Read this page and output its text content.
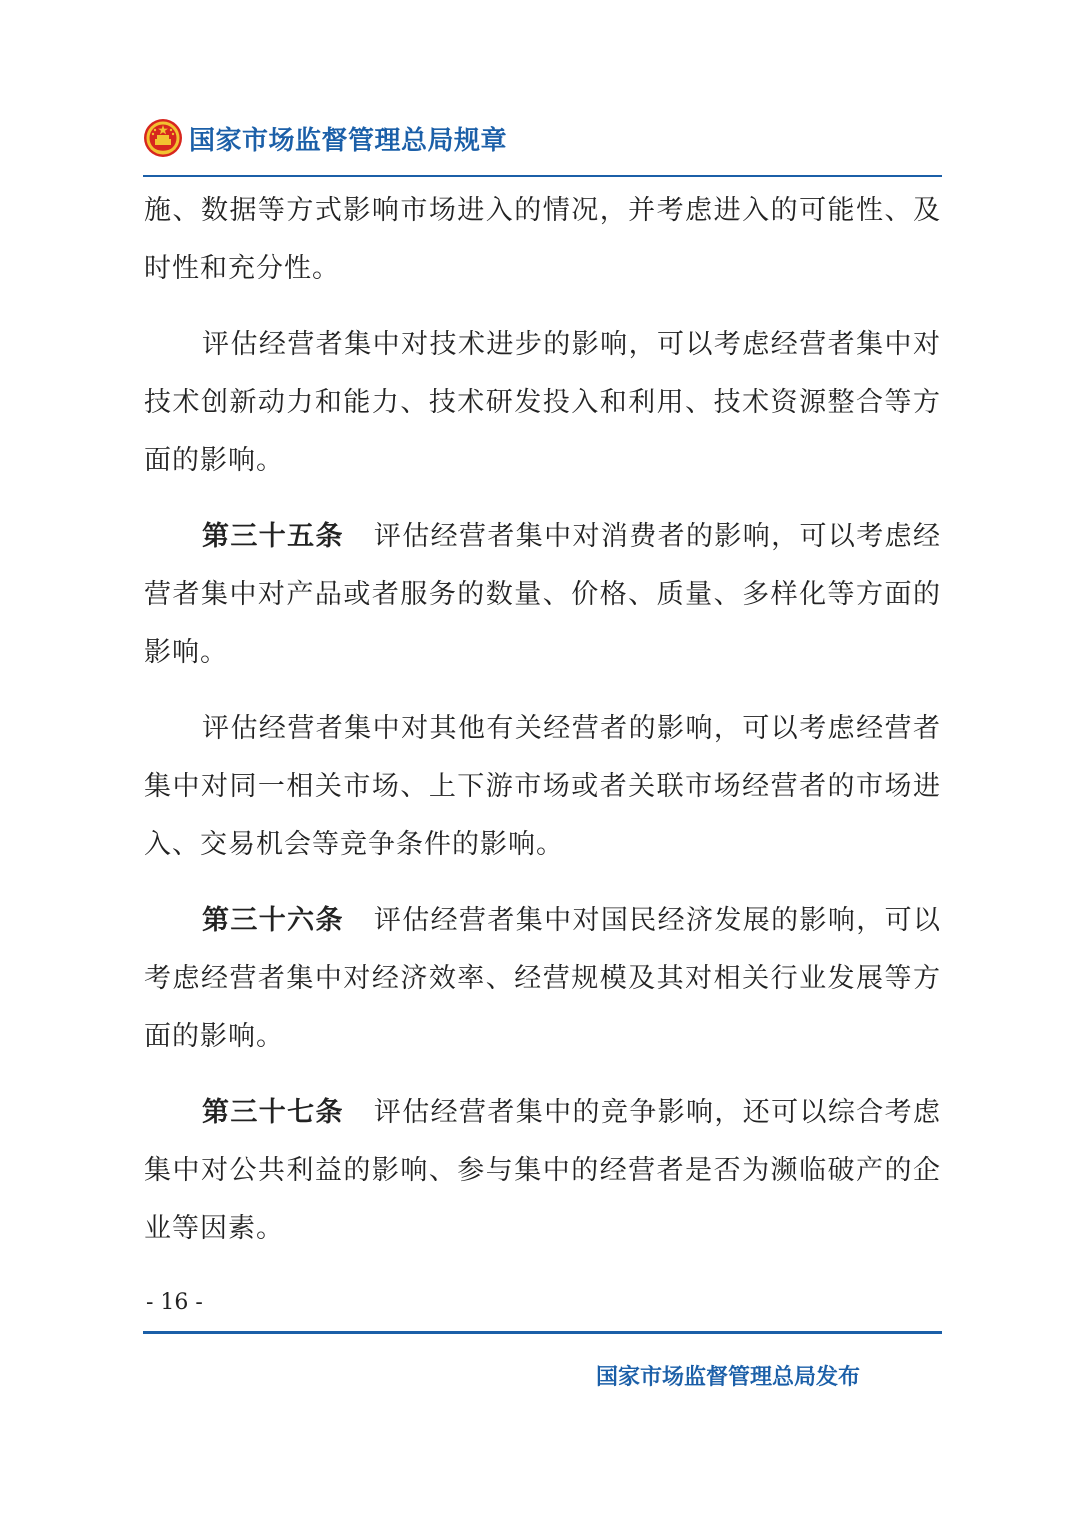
国家市场监督管理总局规章

施、数据等方式影响市场进入的情况，并考虑进入的可能性、及时性和充分性。

评估经营者集中对技术进步的影响，可以考虑经营者集中对技术创新动力和能力、技术研发投入和利用、技术资源整合等方面的影响。

第三十五条 评估经营者集中对消费者的影响，可以考虑经营者集中对产品或者服务的数量、价格、质量、多样化等方面的影响。

评估经营者集中对其他有关经营者的影响，可以考虑经营者集中对同一相关市场、上下游市场或者关联市场经营者的市场进入、交易机会等竞争条件的影响。

第三十六条 评估经营者集中对国民经济发展的影响，可以考虑经营者集中对经济效率、经营规模及其对相关行业发展等方面的影响。

第三十七条 评估经营者集中的竞争影响，还可以综合考虑集中对公共利益的影响、参与集中的经营者是否为濒临破产的企业等因素。

- 16 -
国家市场监督管理总局发布
